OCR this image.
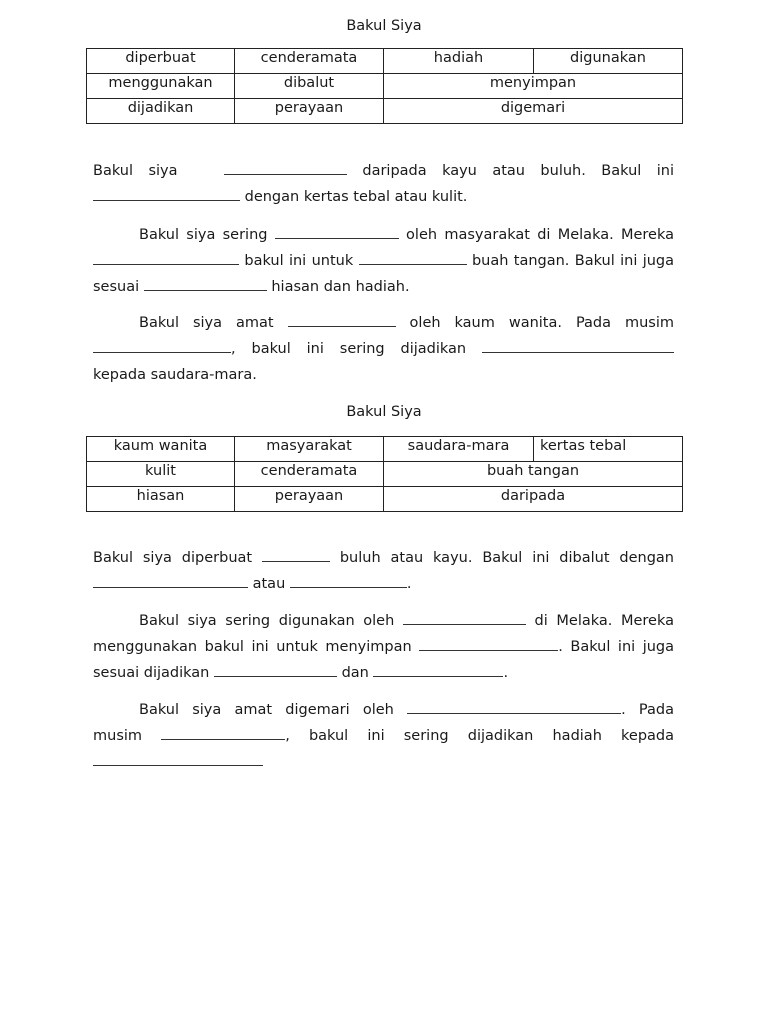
Bakul Siya
diperbuat	cenderamata	hadiah	digunakan
menggunakan	dibalut	menyimpan	
dijadikan	perayaan	digemari	

Bakul siya	daripada kayu atau buluh. Bakul ini  dengan kertas tebal atau kulit.

Bakul siya sering	oleh masyarakat di Melaka. Mereka  bakul ini untuk	buah tangan. Bakul ini juga sesuai	hiasan dan hadiah.

Bakul siya amat	oleh kaum wanita. Pada musim , bakul ini sering dijadikan  kepada saudara-mara.

Bakul Siya
kaum wanita	masyarakat	saudara-mara	kertas tebal
kulit	cenderamata	buah tangan	
hiasan	perayaan	daripada	

Bakul siya diperbuat	buluh atau kayu. Bakul ini dibalut dengan  atau	.

Bakul siya sering digunakan oleh	di Melaka. Mereka menggunakan bakul ini untuk menyimpan	. Bakul ini juga sesuai dijadikan	dan	.

Bakul siya amat digemari oleh	. Pada musim	, bakul ini sering dijadikan hadiah kepada
